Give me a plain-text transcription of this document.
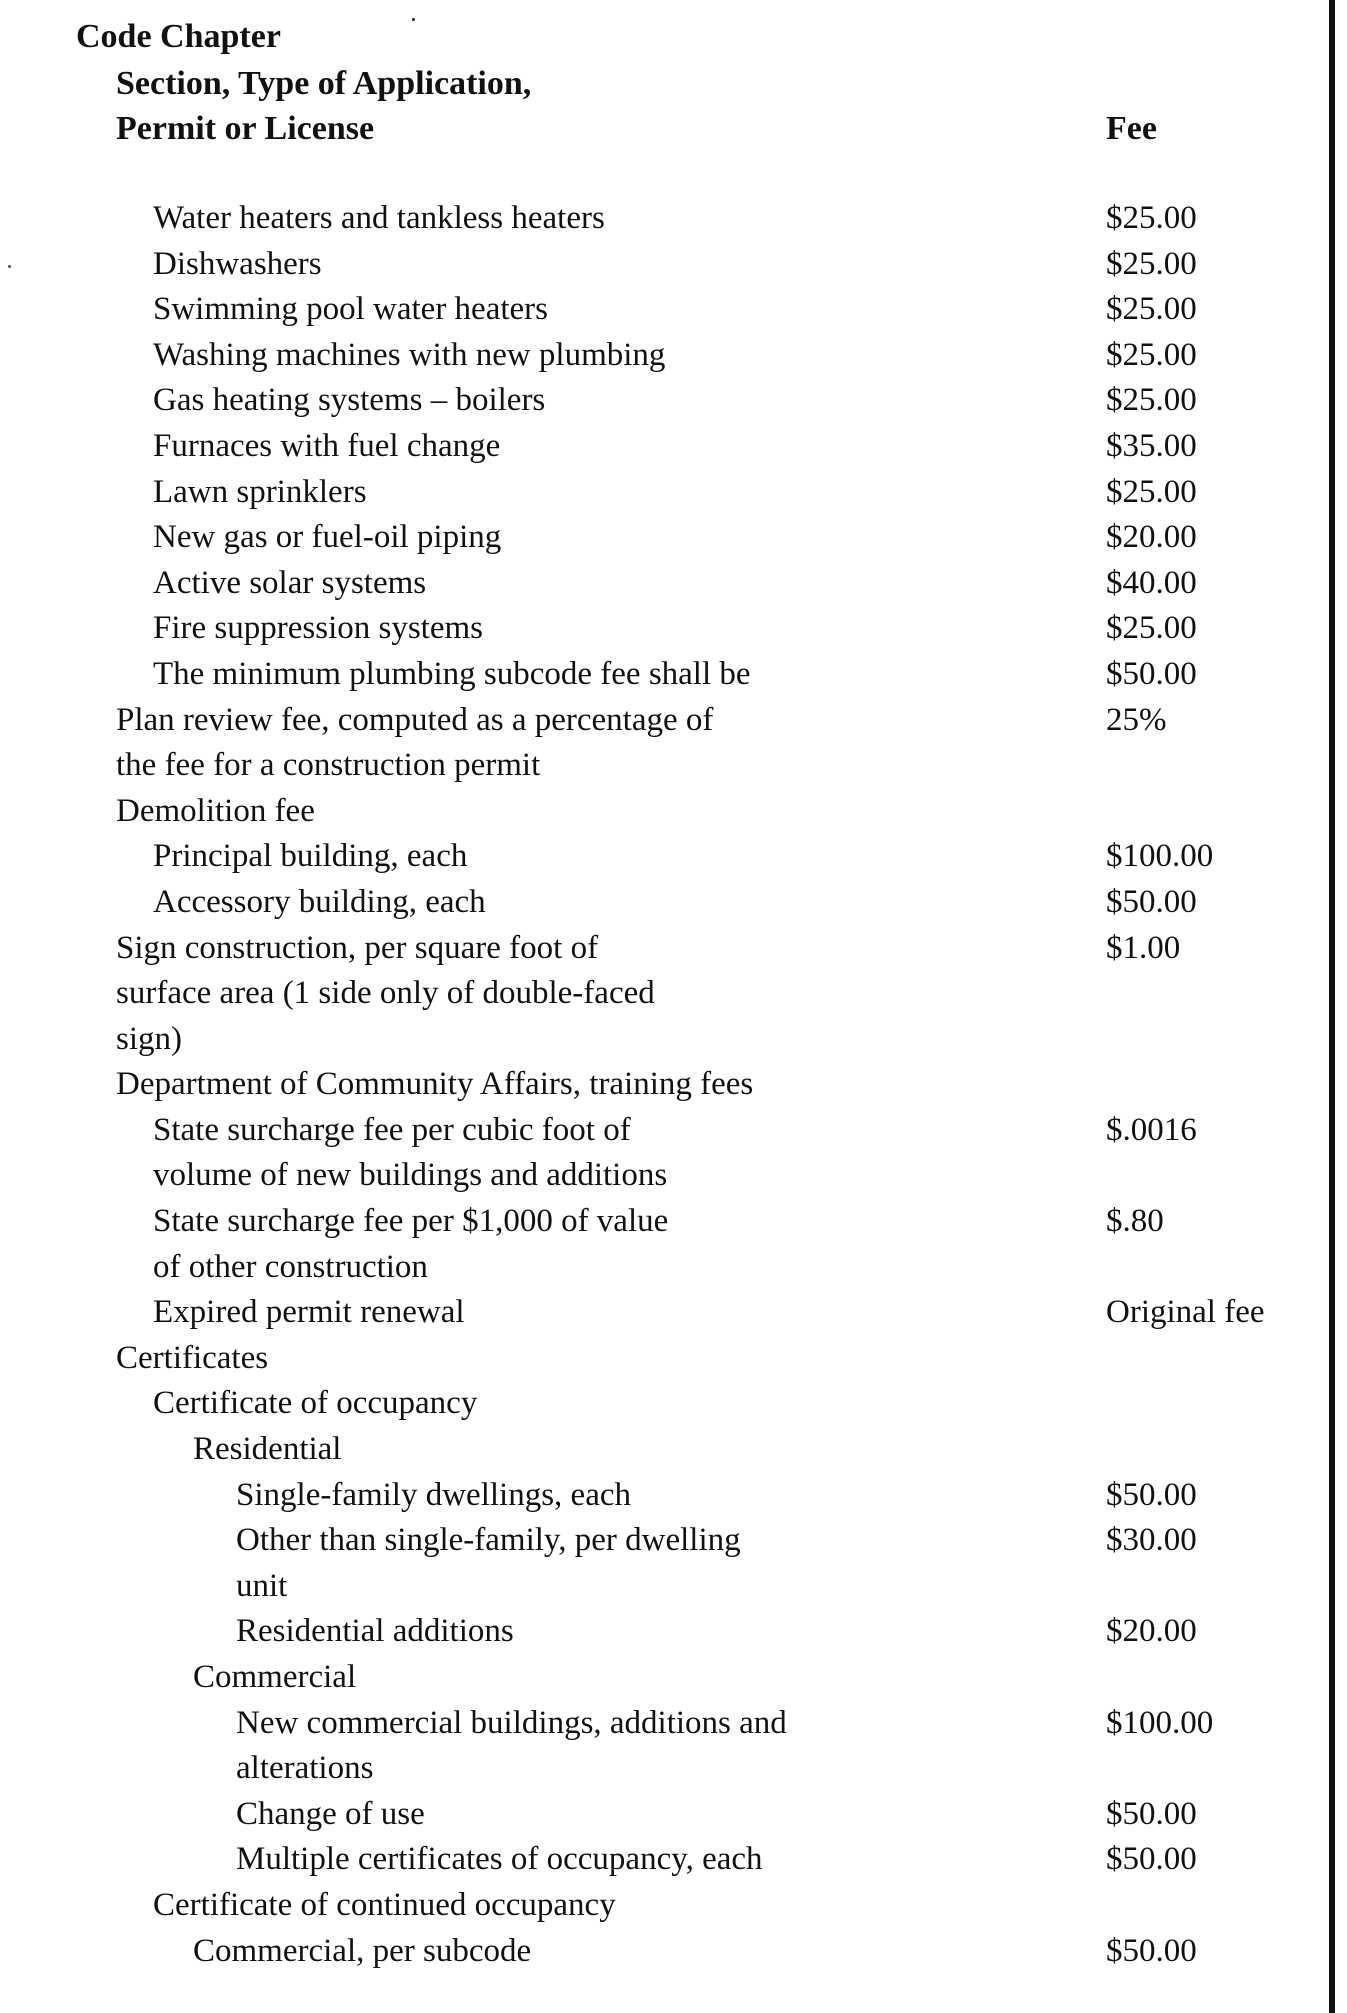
Code Chapter
Section, Type of Application,
Permit or License	Fee
Water heaters and tankless heaters	$25.00
Dishwashers	$25.00
Swimming pool water heaters	$25.00
Washing machines with new plumbing	$25.00
Gas heating systems – boilers	$25.00
Furnaces with fuel change	$35.00
Lawn sprinklers	$25.00
New gas or fuel-oil piping	$20.00
Active solar systems	$40.00
Fire suppression systems	$25.00
The minimum plumbing subcode fee shall be	$50.00
Plan review fee, computed as a percentage of	25%
the fee for a construction permit
Demolition fee
Principal building, each	$100.00
Accessory building, each	$50.00
Sign construction, per square foot of	$1.00
surface area (1 side only of double-faced
sign)
Department of Community Affairs, training fees
State surcharge fee per cubic foot of	$.0016
volume of new buildings and additions
State surcharge fee per $1,000 of value	$.80
of other construction
Expired permit renewal	Original fee
Certificates
Certificate of occupancy
Residential
Single-family dwellings, each	$50.00
Other than single-family, per dwelling	$30.00
unit
Residential additions	$20.00
Commercial
New commercial buildings, additions and	$100.00
alterations
Change of use	$50.00
Multiple certificates of occupancy, each	$50.00
Certificate of continued occupancy
Commercial, per subcode	$50.00
